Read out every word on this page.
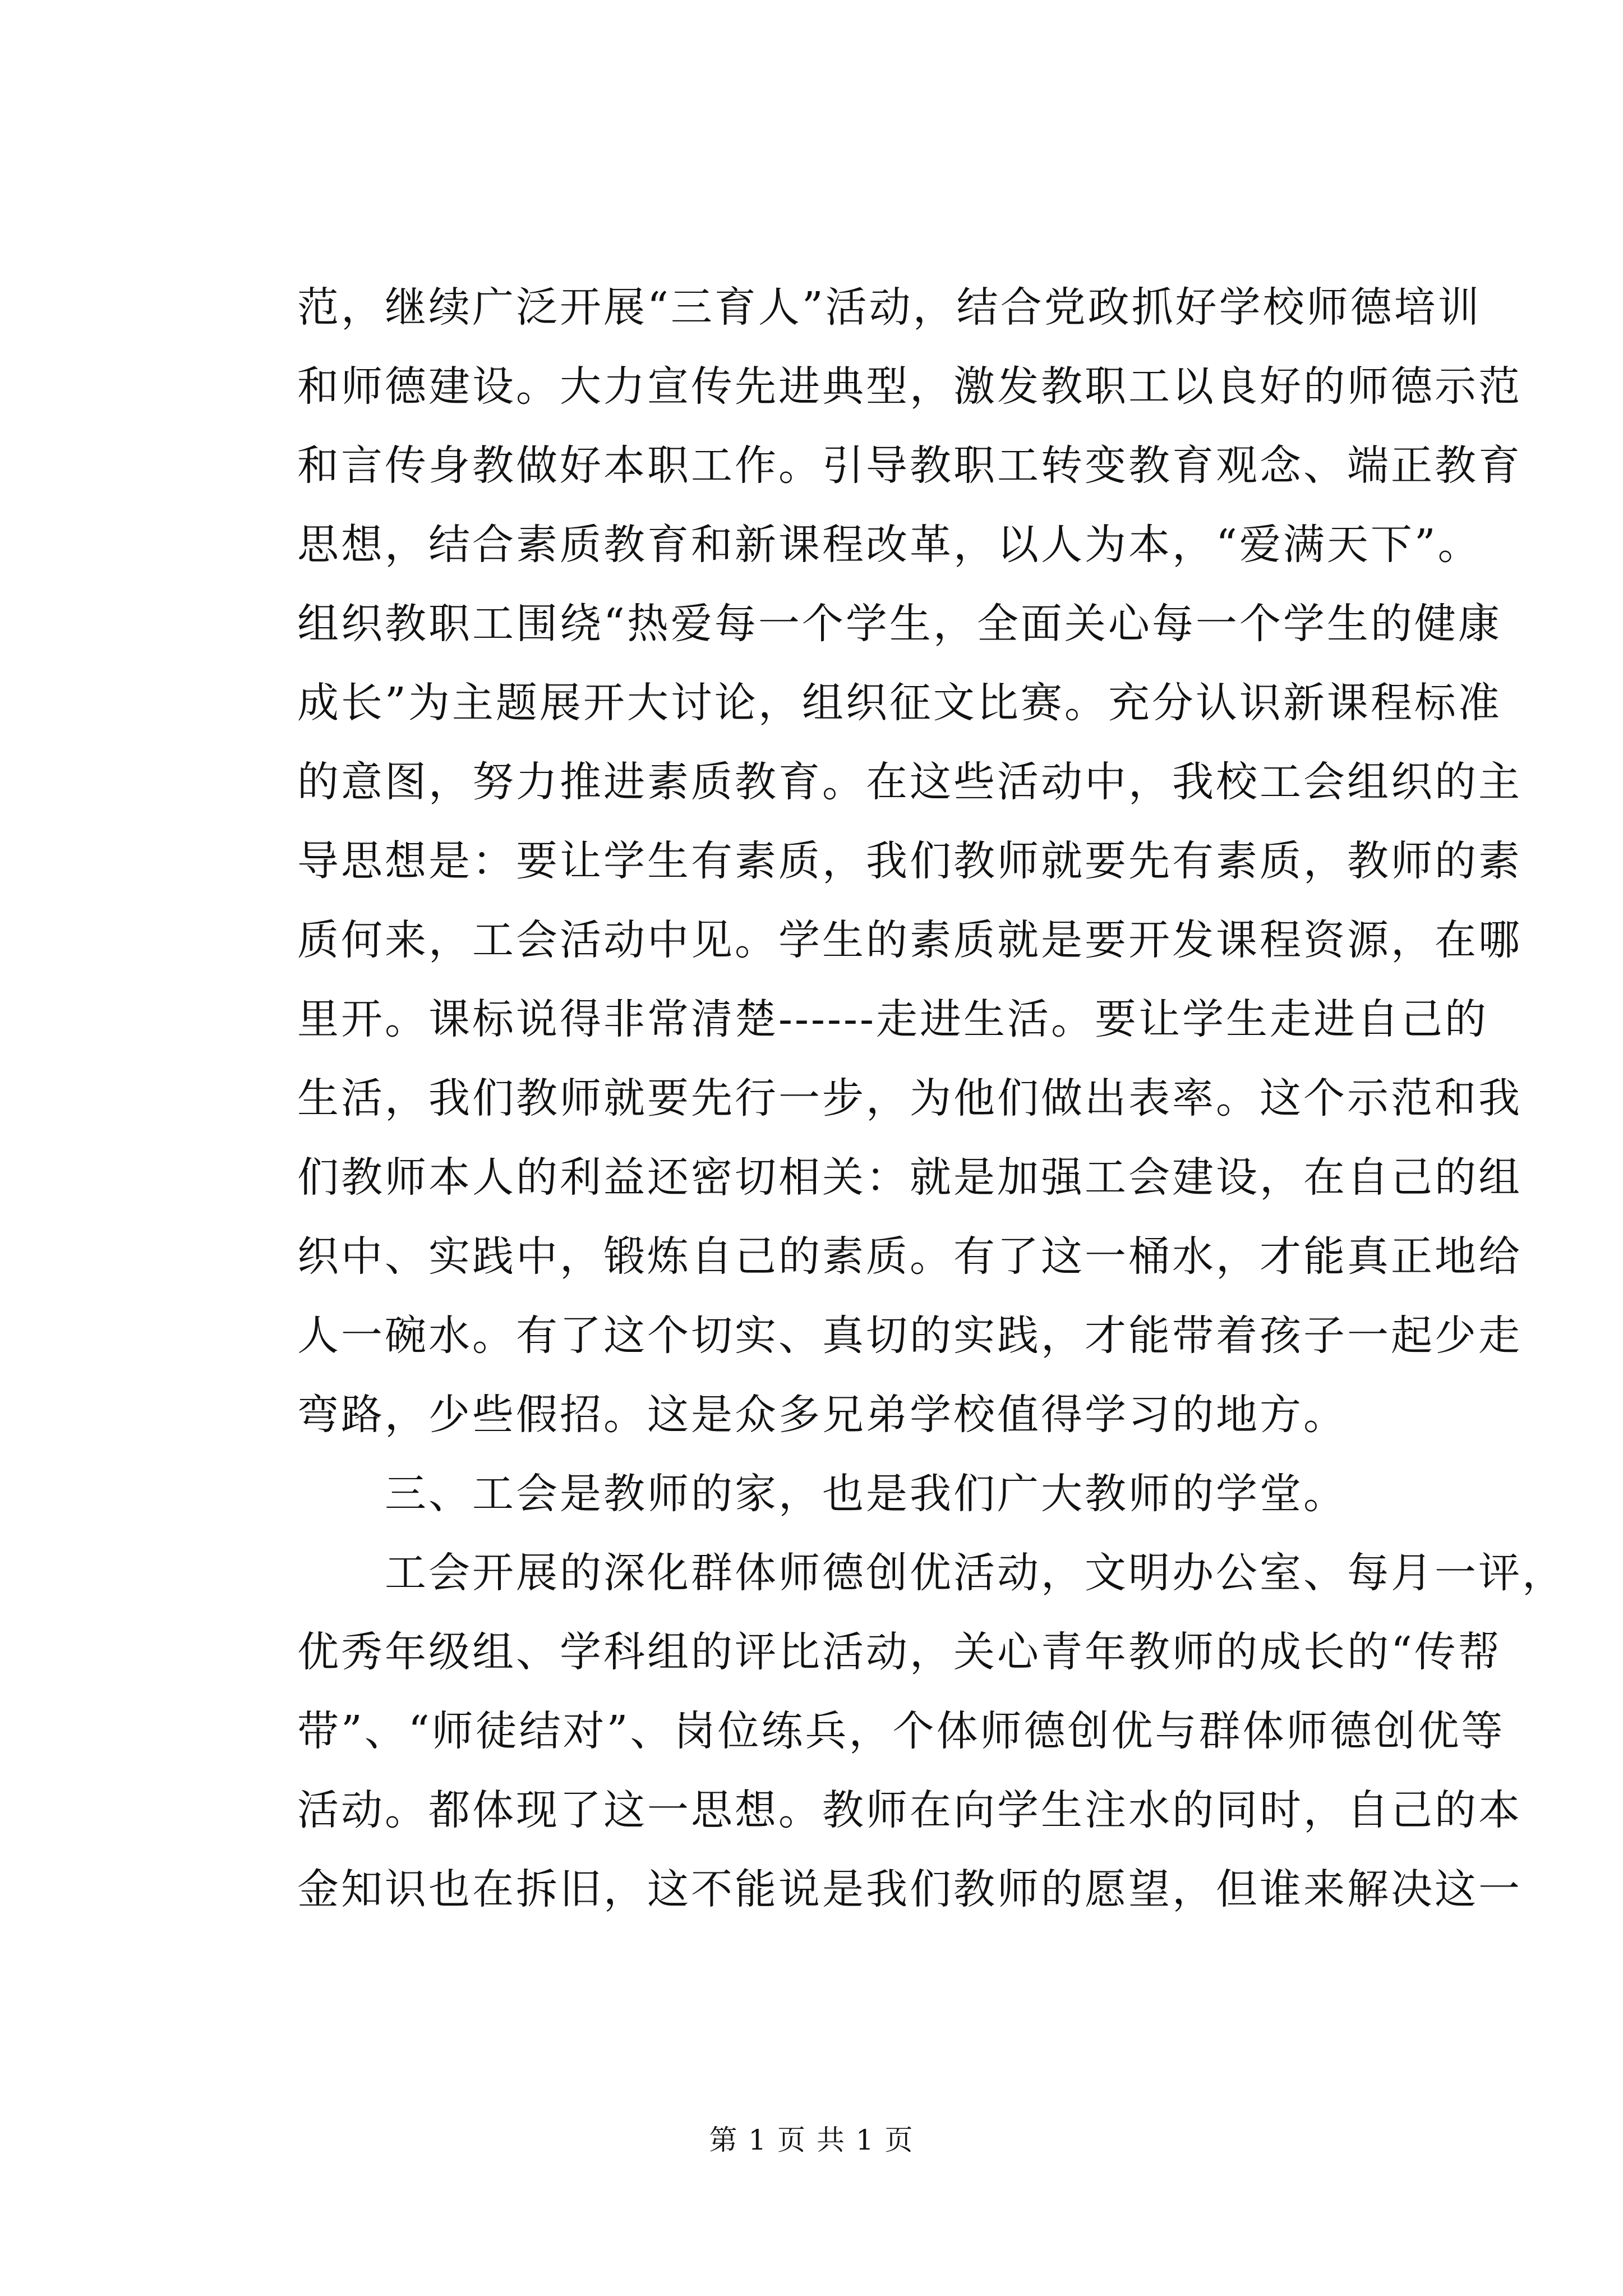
范，继续广泛开展“三育人”活动，结合党政抓好学校师德培训
和师德建设。大力宣传先进典型，激发教职工以良好的师德示范
和言传身教做好本职工作。引导教职工转变教育观念、端正教育
思想，结合素质教育和新课程改革，以人为本，“爱满天下”。
组织教职工围绕“热爱每一个学生，全面关心每一个学生的健康
成长”为主题展开大讨论，组织征文比赛。充分认识新课程标准
的意图，努力推进素质教育。在这些活动中，我校工会组织的主
导思想是：要让学生有素质，我们教师就要先有素质，教师的素
质何来，工会活动中见。学生的素质就是要开发课程资源，在哪
里开。课标说得非常清楚------走进生活。要让学生走进自己的
生活，我们教师就要先行一步，为他们做出表率。这个示范和我
们教师本人的利益还密切相关：就是加强工会建设，在自己的组
织中、实践中，锻炼自己的素质。有了这一桶水，才能真正地给
人一碗水。有了这个切实、真切的实践，才能带着孩子一起少走
弯路，少些假招。这是众多兄弟学校值得学习的地方。
　　三、工会是教师的家，也是我们广大教师的学堂。
　　工会开展的深化群体师德创优活动，文明办公室、每月一评，
优秀年级组、学科组的评比活动，关心青年教师的成长的“传帮
带”、“师徒结对”、岗位练兵，个体师德创优与群体师德创优等
活动。都体现了这一思想。教师在向学生注水的同时，自己的本
金知识也在拆旧，这不能说是我们教师的愿望，但谁来解决这一
第 1 页 共 1 页
